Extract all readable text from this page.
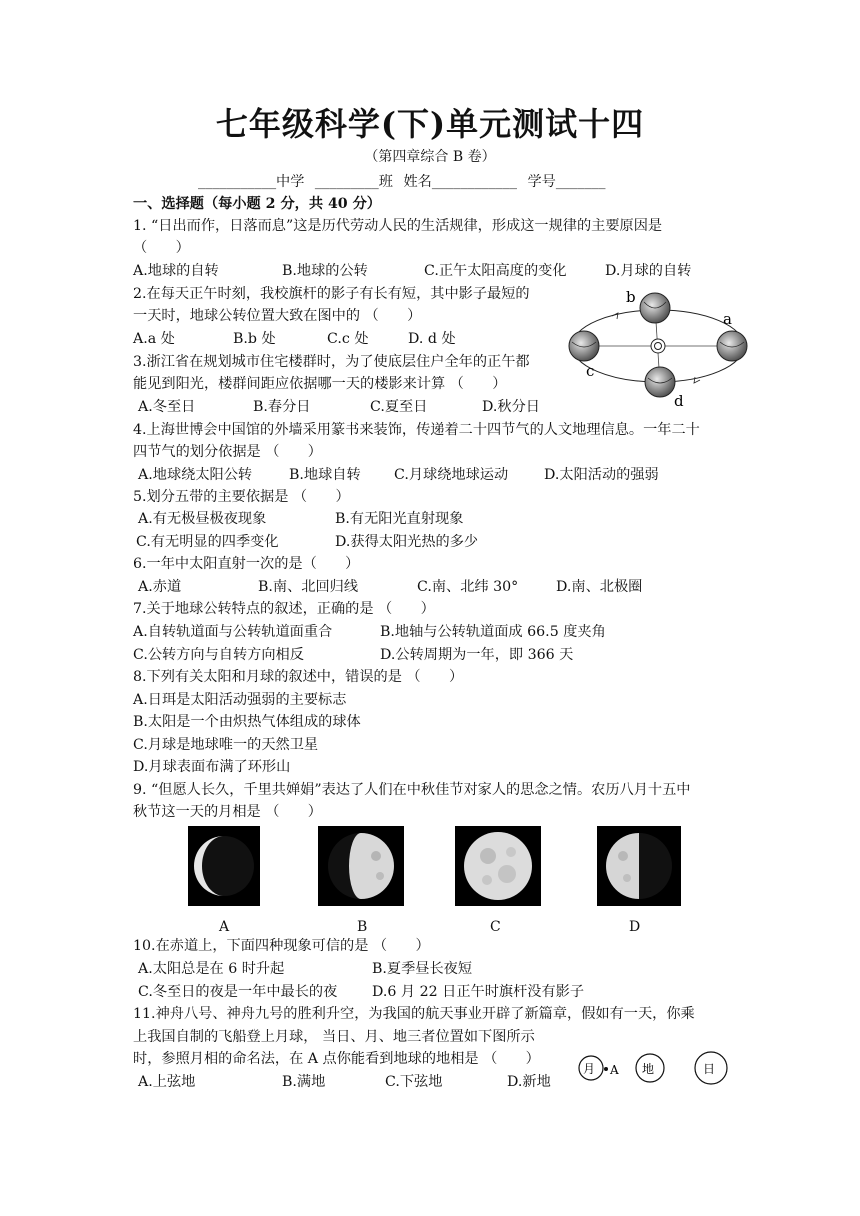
七年级科学(下)单元测试十四
（第四章综合 B 卷）
___________中学 _________班 姓名____________ 学号_______
一、选择题（每小题 2 分，共 40 分）
1. “日出而作，日落而息”这是历代劳动人民的生活规律，形成这一规律的主要原因是
（　　）
A.地球的自转	B.地球的公转	C.正午太阳高度的变化	D.月球的自转
2.在每天正午时刻，我校旗杆的影子有长有短，其中影子最短的
一天时，地球公转位置大致在图中的 （　　）
A.a 处	B.b 处	C.c 处	D. d 处
3.浙江省在规划城市住宅楼群时，为了使底层住户全年的正午都
能见到阳光，楼群间距应依据哪一天的楼影来计算 （　　）
A.冬至日	B.春分日	C.夏至日	D.秋分日
b
a
c
d
4.上海世博会中国馆的外墙采用篆书来装饰，传递着二十四节气的人文地理信息。一年二十
四节气的划分依据是 （　　）
A.地球绕太阳公转	B.地球自转 C.月球绕地球运动	D.太阳活动的强弱
5.划分五带的主要依据是 （　　）
A.有无极昼极夜现象	B.有无阳光直射现象
C.有无明显的四季变化	D.获得太阳光热的多少
6.一年中太阳直射一次的是（　　）
A.赤道	B.南、北回归线	C.南、北纬 30°	D.南、北极圈
7.关于地球公转特点的叙述，正确的是 （　　）
A.自转轨道面与公转轨道面重合	B.地轴与公转轨道面成 66.5 度夹角
C.公转方向与自转方向相反	D.公转周期为一年，即 366 天
8.下列有关太阳和月球的叙述中，错误的是 （　　）
A.日珥是太阳活动强弱的主要标志
B.太阳是一个由炽热气体组成的球体
C.月球是地球唯一的天然卫星
D.月球表面布满了环形山
9. “但愿人长久，千里共婵娟”表达了人们在中秋佳节对家人的思念之情。农历八月十五中
秋节这一天的月相是 （　　）
A	B	C	D
10.在赤道上，下面四种现象可信的是 （　　）
A.太阳总是在 6 时升起	B.夏季昼长夜短
C.冬至日的夜是一年中最长的夜 D.6 月 22 日正午时旗杆没有影子
11.神舟八号、神舟九号的胜利升空，为我国的航天事业开辟了新篇章，假如有一天，你乘
上我国自制的飞船登上月球， 当日、月、地三者位置如下图所示
时，参照月相的命名法，在 A 点你能看到地球的地相是 （　　）
A.上弦地	B.满地	C.下弦地	D.新地
月 A 地	日
